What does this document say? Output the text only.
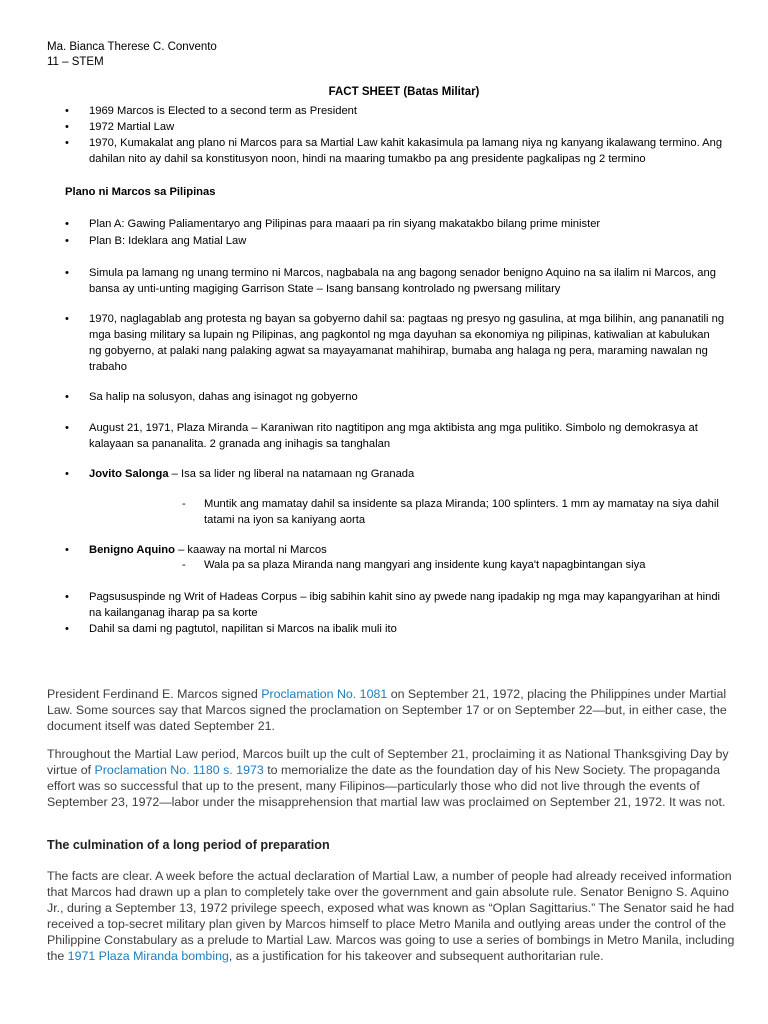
Ma. Bianca Therese C. Convento
11 – STEM
FACT SHEET (Batas Militar)
• 1969 Marcos is Elected to a second term as President
• 1972 Martial Law
• 1970, Kumakalat ang plano ni Marcos para sa Martial Law kahit kakasimula pa lamang niya ng kanyang ikalawang termino. Ang dahilan nito ay dahil sa konstitusyon noon, hindi na maaring tumakbo pa ang presidente pagkalipas ng 2 termino
Plano ni Marcos sa Pilipinas
• Plan A: Gawing Paliamentaryo ang Pilipinas para maaari pa rin siyang makatakbo bilang prime minister
• Plan B: Ideklara ang Matial Law
• Simula pa lamang ng unang termino ni Marcos, nagbabala na ang bagong senador benigno Aquino na sa ilalim ni Marcos, ang bansa ay unti-unting magiging Garrison State – Isang bansang kontrolado ng pwersang military
• 1970, naglagablab ang protesta ng bayan sa gobyerno dahil sa: pagtaas ng presyo ng gasulina, at mga bilihin, ang pananatili ng mga basing military sa lupain ng Pilipinas, ang pagkontol ng mga dayuhan sa ekonomiya ng pilipinas, katiwalian at kabulukan ng gobyerno, at palaki nang palaking agwat sa mayayamanat mahihirap, bumaba ang halaga ng pera, maraming nawalan ng trabaho
• Sa halip na solusyon, dahas ang isinagot ng gobyerno
• August 21, 1971, Plaza Miranda – Karaniwan rito nagtitipon ang mga aktibista ang mga pulitiko. Simbolo ng demokrasya at kalayaan sa pananalita. 2 granada ang inihagis sa tanghalan
• Jovito Salonga – Isa sa lider ng liberal na natamaan ng Granada
- Muntik ang mamatay dahil sa insidente sa plaza Miranda; 100 splinters. 1 mm ay mamatay na siya dahil tatami na iyon sa kaniyang aorta
• Benigno Aquino – kaaway na mortal ni Marcos
- Wala pa sa plaza Miranda nang mangyari ang insidente kung kaya't napagbintangan siya
• Pagsususpinde ng Writ of Hadeas Corpus – ibig sabihin kahit sino ay pwede nang ipadakip ng mga may kapangyarihan at hindi na kailanganag iharap pa sa korte
• Dahil sa dami ng pagtutol, napilitan si Marcos na ibalik muli ito
President Ferdinand E. Marcos signed Proclamation No. 1081 on September 21, 1972, placing the Philippines under Martial Law. Some sources say that Marcos signed the proclamation on September 17 or on September 22—but, in either case, the document itself was dated September 21.
Throughout the Martial Law period, Marcos built up the cult of September 21, proclaiming it as National Thanksgiving Day by virtue of Proclamation No. 1180 s. 1973 to memorialize the date as the foundation day of his New Society. The propaganda effort was so successful that up to the present, many Filipinos—particularly those who did not live through the events of September 23, 1972—labor under the misapprehension that martial law was proclaimed on September 21, 1972. It was not.
The culmination of a long period of preparation
The facts are clear. A week before the actual declaration of Martial Law, a number of people had already received information that Marcos had drawn up a plan to completely take over the government and gain absolute rule. Senator Benigno S. Aquino Jr., during a September 13, 1972 privilege speech, exposed what was known as “Oplan Sagittarius.” The Senator said he had received a top-secret military plan given by Marcos himself to place Metro Manila and outlying areas under the control of the Philippine Constabulary as a prelude to Martial Law. Marcos was going to use a series of bombings in Metro Manila, including the 1971 Plaza Miranda bombing, as a justification for his takeover and subsequent authoritarian rule.
